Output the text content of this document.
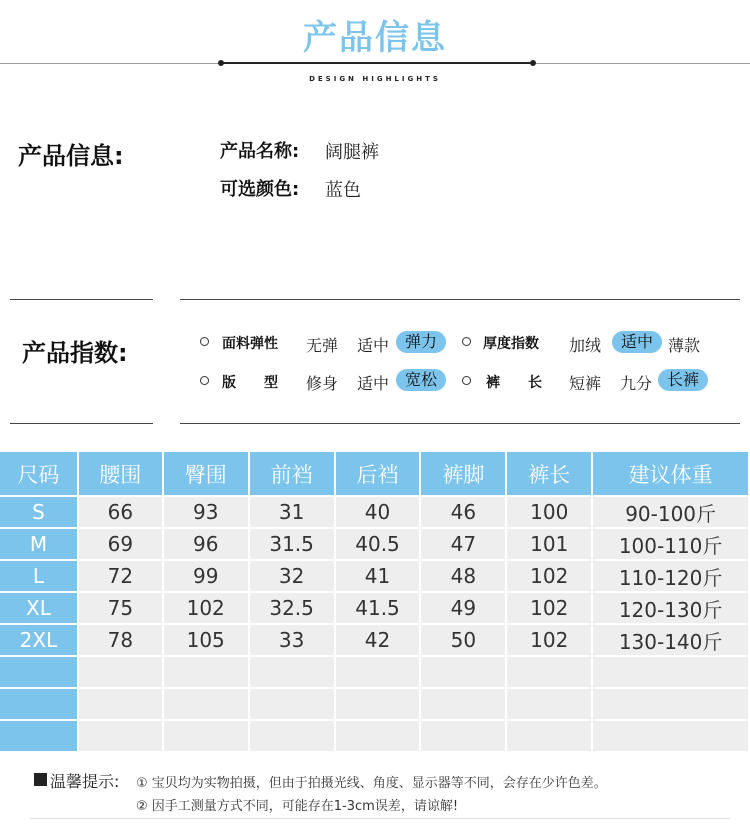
产品信息
DESIGN HIGHLIGHTS
产品信息:	产品名称: 阔腿裤
可选颜色: 蓝色
产品指数:	面料弹性 无弹 适中 弹力	厚度指数 加绒	适中 薄款
版　　型 修身 适中 宽松	裤　　长 短裤 九分 长裤
尺码	腰围	臀围	前裆	后裆	裤脚	裤长	建议体重
S	66	93	31	40	46	100	90-100斤
M	69	96	31.5	40.5	47	101	100-110斤
L	72	99	32	41	48	102	110-120斤
XL	75	102	32.5	41.5	49	102	120-130斤
2XL	78	105	33	42	50	102	130-140斤

温馨提示: ① 宝贝均为实物拍摄，但由于拍摄光线、角度、显示器等不同，会存在少许色差。
② 因手工测量方式不同，可能存在1-3cm误差，请谅解!
